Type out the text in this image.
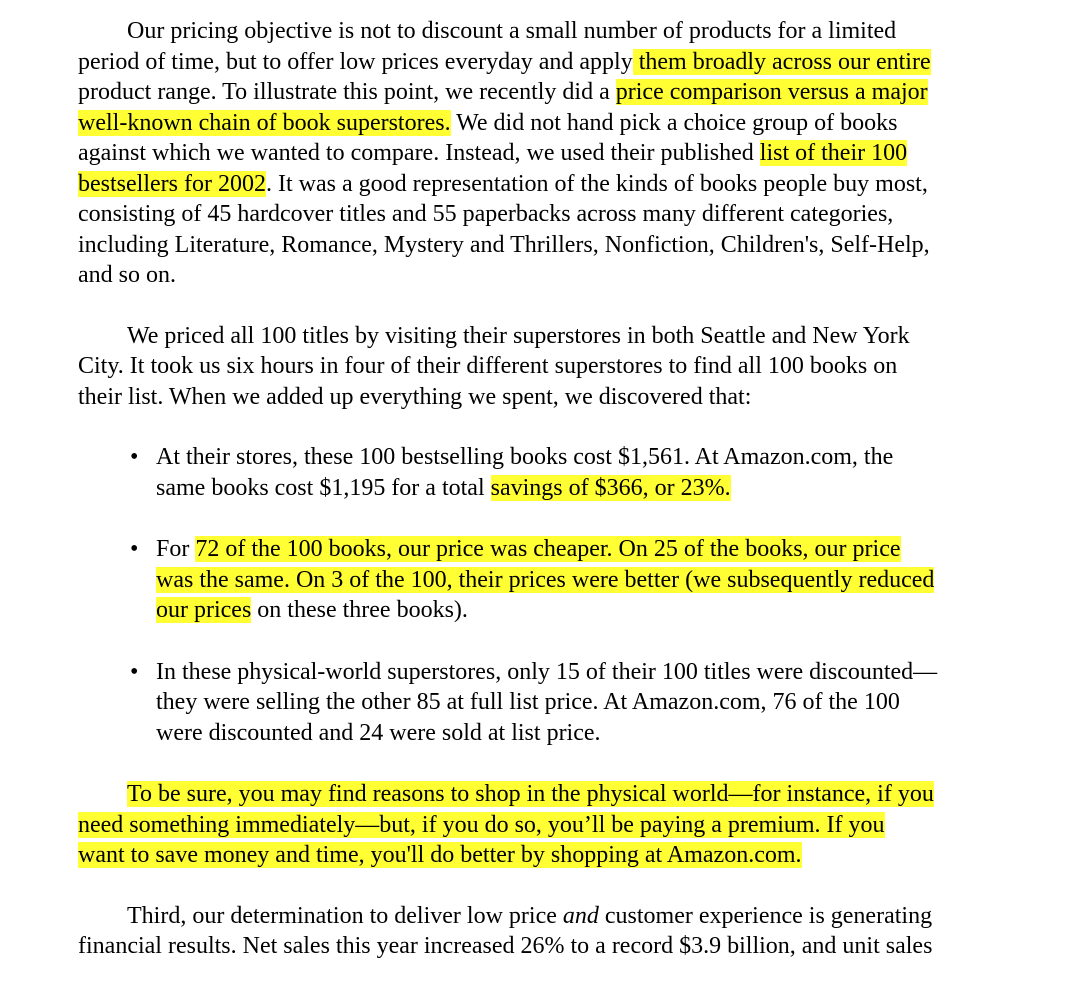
Our pricing objective is not to discount a small number of products for a limited
period of time, but to offer low prices everyday and apply them broadly across our entire
product range. To illustrate this point, we recently did a price comparison versus a major
well-known chain of book superstores. We did not hand pick a choice group of books
against which we wanted to compare. Instead, we used their published list of their 100
bestsellers for 2002. It was a good representation of the kinds of books people buy most,
consisting of 45 hardcover titles and 55 paperbacks across many different categories,
including Literature, Romance, Mystery and Thrillers, Nonfiction, Children's, Self-Help,
and so on.

We priced all 100 titles by visiting their superstores in both Seattle and New York
City. It took us six hours in four of their different superstores to find all 100 books on
their list. When we added up everything we spent, we discovered that:

• At their stores, these 100 bestselling books cost $1,561. At Amazon.com, the
same books cost $1,195 for a total savings of $366, or 23%.
• For 72 of the 100 books, our price was cheaper. On 25 of the books, our price
was the same. On 3 of the 100, their prices were better (we subsequently reduced
our prices on these three books).
• In these physical-world superstores, only 15 of their 100 titles were discounted—
they were selling the other 85 at full list price. At Amazon.com, 76 of the 100
were discounted and 24 were sold at list price.

To be sure, you may find reasons to shop in the physical world—for instance, if you
need something immediately—but, if you do so, you’ll be paying a premium. If you
want to save money and time, you'll do better by shopping at Amazon.com.

Third, our determination to deliver low price and customer experience is generating
financial results. Net sales this year increased 26% to a record $3.9 billion, and unit sales
